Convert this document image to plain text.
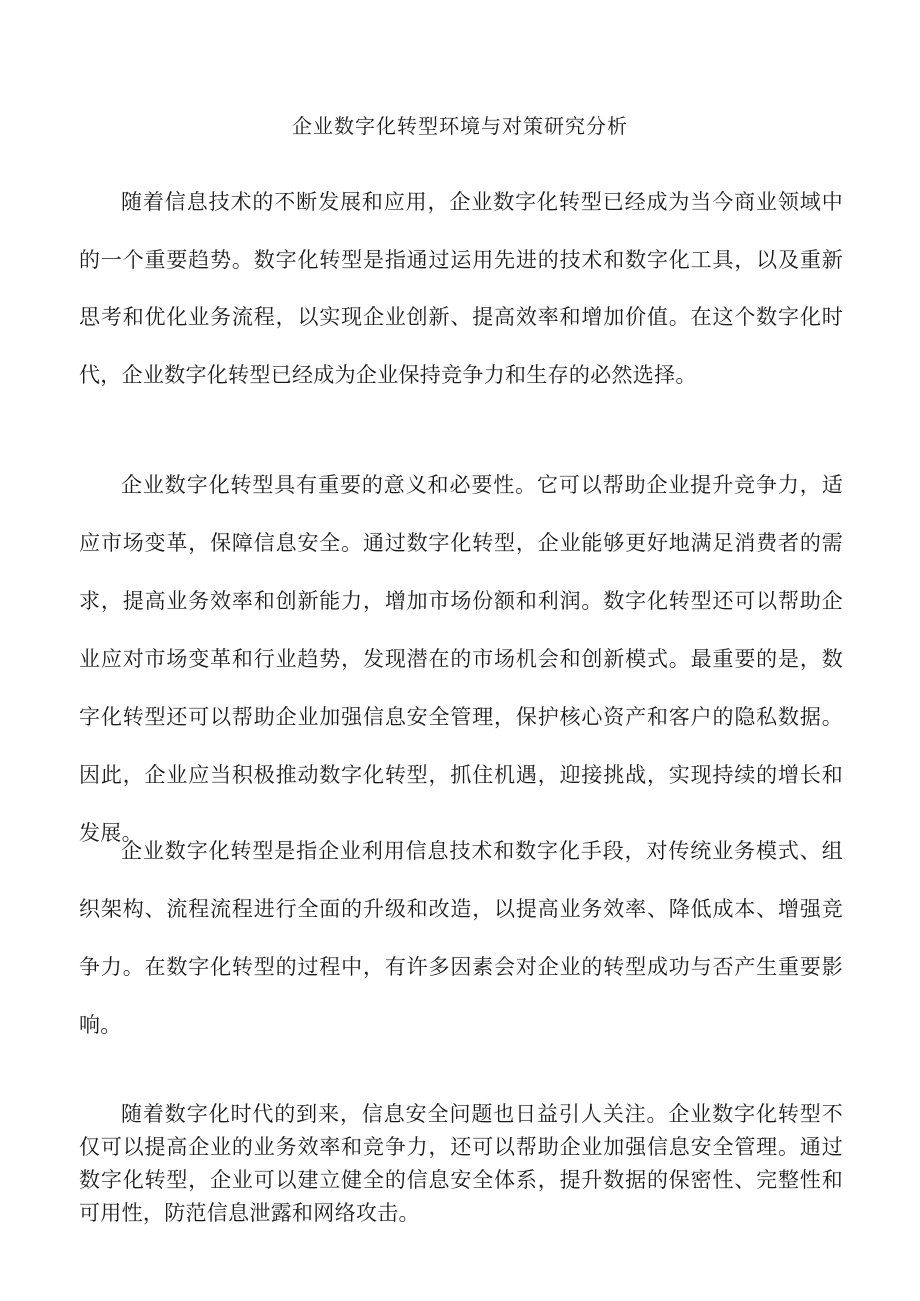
企业数字化转型环境与对策研究分析

随着信息技术的不断发展和应用，企业数字化转型已经成为当今商业领域中的一个重要趋势。数字化转型是指通过运用先进的技术和数字化工具，以及重新思考和优化业务流程，以实现企业创新、提高效率和增加价值。在这个数字化时代，企业数字化转型已经成为企业保持竞争力和生存的必然选择。

企业数字化转型具有重要的意义和必要性。它可以帮助企业提升竞争力，适应市场变革，保障信息安全。通过数字化转型，企业能够更好地满足消费者的需求，提高业务效率和创新能力，增加市场份额和利润。数字化转型还可以帮助企业应对市场变革和行业趋势，发现潜在的市场机会和创新模式。最重要的是，数字化转型还可以帮助企业加强信息安全管理，保护核心资产和客户的隐私数据。因此，企业应当积极推动数字化转型，抓住机遇，迎接挑战，实现持续的增长和发展。

企业数字化转型是指企业利用信息技术和数字化手段，对传统业务模式、组织架构、流程流程进行全面的升级和改造，以提高业务效率、降低成本、增强竞争力。在数字化转型的过程中，有许多因素会对企业的转型成功与否产生重要影响。

随着数字化时代的到来，信息安全问题也日益引人关注。企业数字化转型不仅可以提高企业的业务效率和竞争力，还可以帮助企业加强信息安全管理。通过数字化转型，企业可以建立健全的信息安全体系，提升数据的保密性、完整性和可用性，防范信息泄露和网络攻击。
